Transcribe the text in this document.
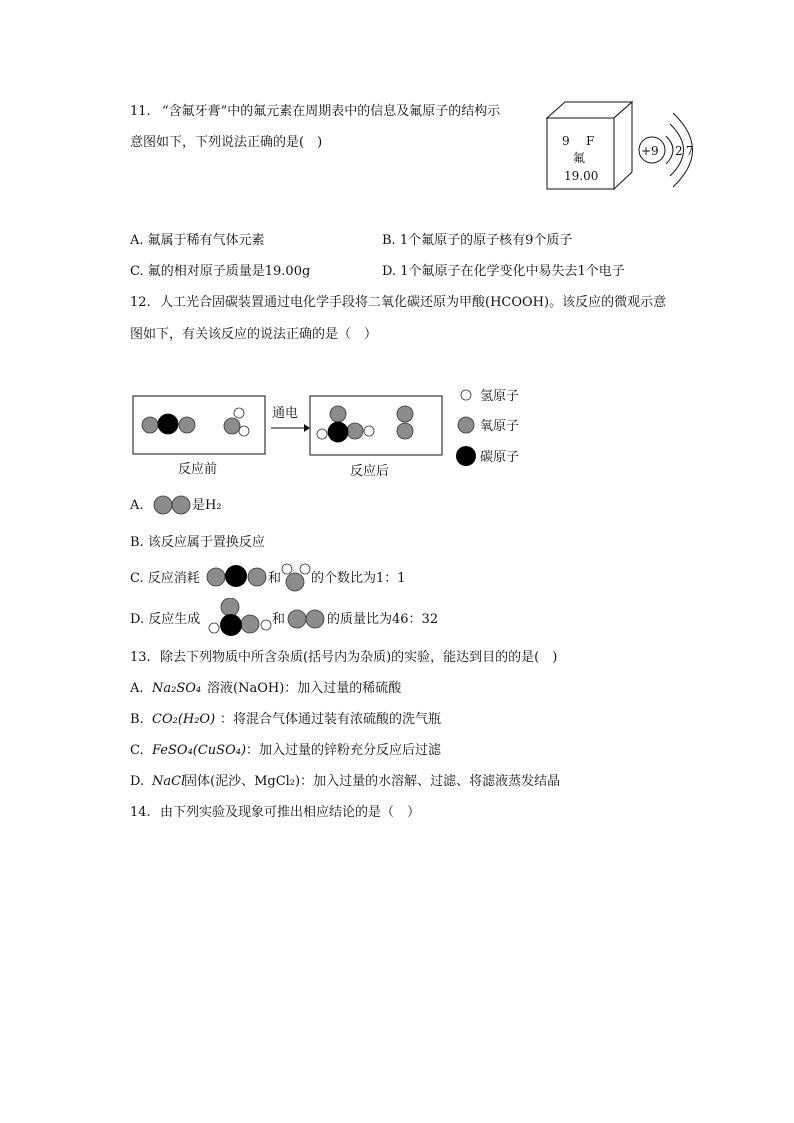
11. “含氟牙膏”中的氟元素在周期表中的信息及氟原子的结构示
意图如下，下列说法正确的是(　)	9 F
氟
19.00
+9 2 7
A. 氟属于稀有气体元素	B. 1个氟原子的原子核有9个质子
C. 氟的相对原子质量是19.00g	D. 1个氟原子在化学变化中易失去1个电子
12. 人工光合固碳装置通过电化学手段将二氧化碳还原为甲酸(HCOOH)。该反应的微观示意
图如下，有关该反应的说法正确的是（　）
通电
反应前	反应后
氢原子
氧原子
碳原子
A.	是H₂
B. 该反应属于置换反应
C. 反应消耗	和 的个数比为1：1
D. 反应生成	和	的质量比为46：32
13. 除去下列物质中所含杂质(括号内为杂质)的实验，能达到目的的是(　)
A. Na₂SO₄ 溶液(NaOH)：加入过量的稀硫酸
B. CO₂(H₂O) ：将混合气体通过装有浓硫酸的洗气瓶
C. FeSO₄(CuSO₄) ：加入过量的锌粉充分反应后过滤
D. NaCl
固体(泥沙、MgCl₂)：加入过量的水溶解、过滤、将滤液蒸发结晶
14. 由下列实验及现象可推出相应结论的是（　）
